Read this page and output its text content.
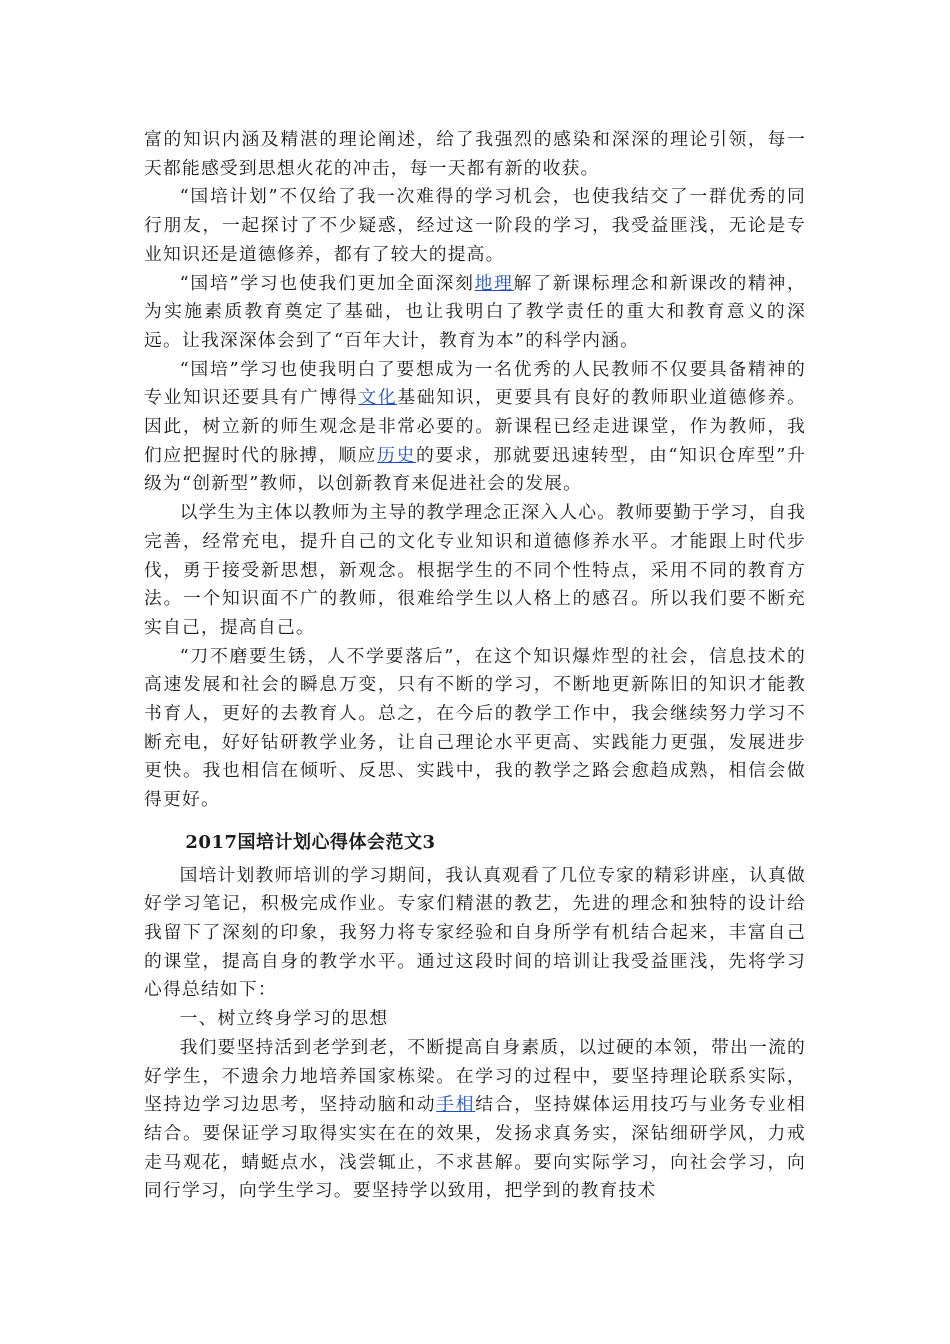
富的知识内涵及精湛的理论阐述，给了我强烈的感染和深深的理论引领，每一天都能感受到思想火花的冲击，每一天都有新的收获。

“国培计划”不仅给了我一次难得的学习机会，也使我结交了一群优秀的同行朋友，一起探讨了不少疑惑，经过这一阶段的学习，我受益匪浅，无论是专业知识还是道德修养，都有了较大的提高。

“国培”学习也使我们更加全面深刻地理解了新课标理念和新课改的精神，为实施素质教育奠定了基础，也让我明白了教学责任的重大和教育意义的深远。让我深深体会到了“百年大计，教育为本”的科学内涵。

“国培”学习也使我明白了要想成为一名优秀的人民教师不仅要具备精神的专业知识还要具有广博得文化基础知识，更要具有良好的教师职业道德修养。因此，树立新的师生观念是非常必要的。新课程已经走进课堂，作为教师，我们应把握时代的脉搏，顺应历史的要求，那就要迅速转型，由“知识仓库型”升级为“创新型”教师，以创新教育来促进社会的发展。

以学生为主体以教师为主导的教学理念正深入人心。教师要勤于学习，自我完善，经常充电，提升自己的文化专业知识和道德修养水平。才能跟上时代步伐，勇于接受新思想，新观念。根据学生的不同个性特点，采用不同的教育方法。一个知识面不广的教师，很难给学生以人格上的感召。所以我们要不断充实自己，提高自己。

“刀不磨要生锈，人不学要落后”，在这个知识爆炸型的社会，信息技术的高速发展和社会的瞬息万变，只有不断的学习，不断地更新陈旧的知识才能教书育人，更好的去教育人。总之，在今后的教学工作中，我会继续努力学习不断充电，好好钻研教学业务，让自己理论水平更高、实践能力更强，发展进步更快。我也相信在倾听、反思、实践中，我的教学之路会愈趋成熟，相信会做得更好。

2017国培计划心得体会范文3

国培计划教师培训的学习期间，我认真观看了几位专家的精彩讲座，认真做好学习笔记，积极完成作业。专家们精湛的教艺，先进的理念和独特的设计给我留下了深刻的印象，我努力将专家经验和自身所学有机结合起来，丰富自己的课堂，提高自身的教学水平。通过这段时间的培训让我受益匪浅，先将学习心得总结如下：

一、树立终身学习的思想

我们要坚持活到老学到老，不断提高自身素质，以过硬的本领，带出一流的好学生，不遗余力地培养国家栋梁。在学习的过程中，要坚持理论联系实际，坚持边学习边思考，坚持动脑和动手相结合，坚持媒体运用技巧与业务专业相结合。要保证学习取得实实在在的效果，发扬求真务实，深钻细研学风，力戒走马观花，蜻蜓点水，浅尝辄止，不求甚解。要向实际学习，向社会学习，向同行学习，向学生学习。要坚持学以致用，把学到的教育技术
